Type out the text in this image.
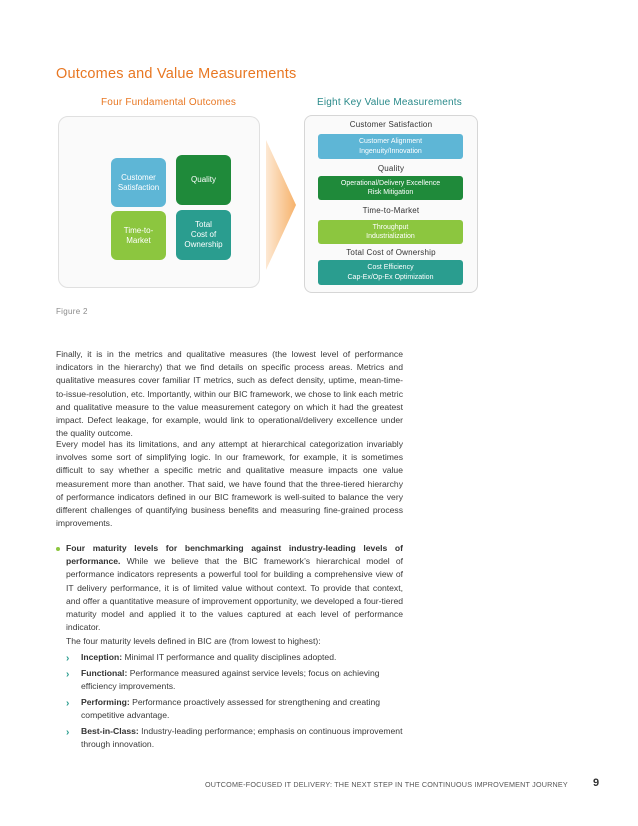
Outcomes and Value Measurements
Four Fundamental Outcomes	Eight Key Value Measurements
Customer
Satisfaction
Quality
Time-to-
Market
Total
Cost of
Ownership
Customer Satisfaction
Customer Alignment
Ingenuity/Innovation
Quality
Operational/Delivery Excellence
Risk Mitigation
Time-to-Market
Throughput
Industrialization
Total Cost of Ownership
Cost Efficiency
Cap-Ex/Op-Ex Optimization
Figure 2
Finally, it is in the metrics and qualitative measures (the lowest level of performance indicators in the hierarchy) that we find details on specific process areas. Metrics and qualitative measures cover familiar IT metrics, such as defect density, uptime, mean-time-to-issue-resolution, etc. Importantly, within our BIC framework, we chose to link each metric and qualitative measure to the value measurement category on which it had the greatest impact. Defect leakage, for example, would link to operational/delivery excellence under the quality outcome.
Every model has its limitations, and any attempt at hierarchical categorization invariably involves some sort of simplifying logic. In our framework, for example, it is sometimes difficult to say whether a specific metric and qualitative measure impacts one value measurement more than another. That said, we have found that the three-tiered hierarchy of performance indicators defined in our BIC framework is well-suited to balance the very different challenges of quantifying business benefits and measuring fine-grained process improvements.
Four maturity levels for benchmarking against industry-leading levels of performance. While we believe that the BIC framework’s hierarchical model of performance indicators represents a powerful tool for building a comprehensive view of IT delivery performance, it is of limited value without context. To provide that context, and offer a quantitative measure of improvement opportunity, we developed a four-tiered maturity model and applied it to the values captured at each level of performance indicator.
The four maturity levels defined in BIC are (from lowest to highest):
› Inception: Minimal IT performance and quality disciplines adopted.
› Functional: Performance measured against service levels; focus on achieving efficiency improvements.
› Performing: Performance proactively assessed for strengthening and creating competitive advantage.
› Best-in-Class: Industry-leading performance; emphasis on continuous improvement through innovation.
OUTCOME-FOCUSED IT DELIVERY: THE NEXT STEP IN THE CONTINUOUS IMPROVEMENT JOURNEY 9
